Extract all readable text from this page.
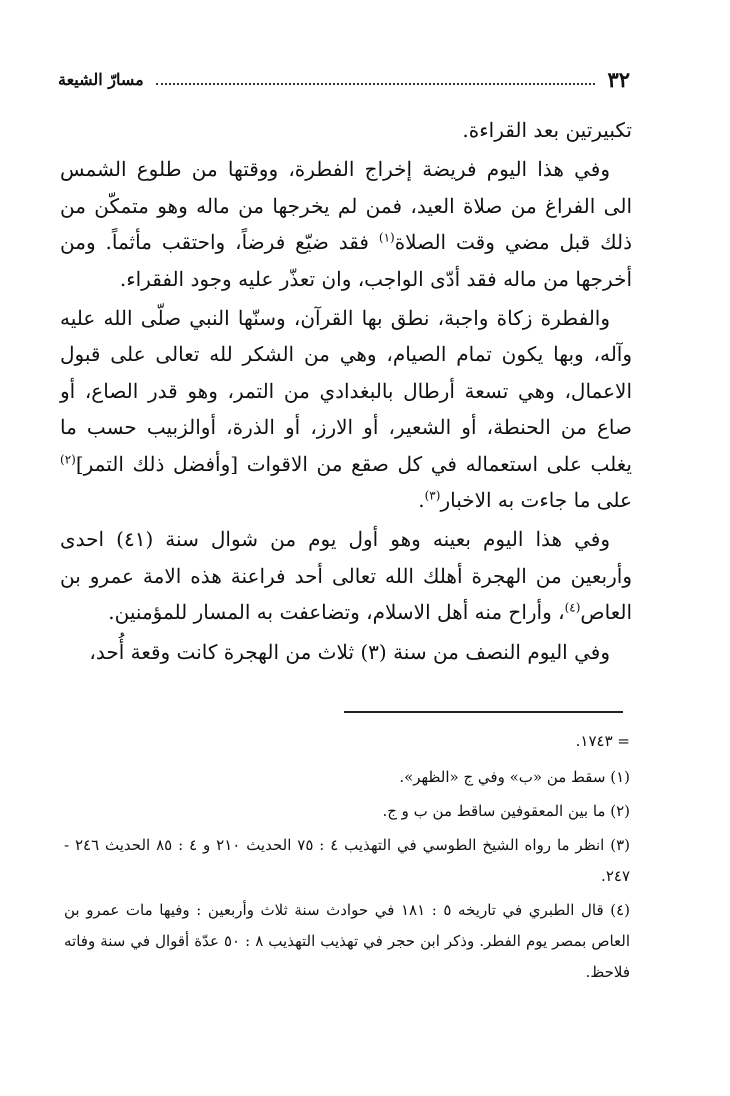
٣٢
مسارّ الشيعة

تكبيرتين بعد القراءة.

وفي هذا اليوم فريضة إخراج الفطرة، ووقتها من طلوع الشمس الى الفراغ من صلاة العيد، فمن لم يخرجها من ماله وهو متمكّن من ذلك قبل مضي وقت الصلاة$^{(١)}$ فقد ضيّع فرضاً، واحتقب مأثماً. ومن أخرجها من ماله فقد أدّى الواجب، وان تعذّر عليه وجود الفقراء.

والفطرة زكاة واجبة، نطق بها القرآن، وسنّها النبي صلّى الله عليه وآله، وبها يكون تمام الصيام، وهي من الشكر لله تعالى على قبول الاعمال، وهي تسعة أرطال بالبغدادي من التمر، وهو قدر الصاع، أو صاع من الحنطة، أو الشعير، أو الارز، أو الذرة، أوالزبيب حسب ما يغلب على استعماله في كل صقع من الاقوات [وأفضل ذلك التمر]$^{(٢)}$ على ما جاءت به الاخبار$^{(٣)}$.

وفي هذا اليوم بعينه وهو أول يوم من شوال سنة (٤١) احدى وأربعين من الهجرة أهلك الله تعالى أحد فراعنة هذه الامة عمرو بن العاص$^{(٤)}$، وأراح منه أهل الاسلام، وتضاعفت به المسار للمؤمنين.

وفي اليوم النصف من سنة (٣) ثلاث من الهجرة كانت وقعة أُحد،

= ١٧٤٣.
(١) سقط من «ب» وفي ج «الظهر».
(٢) ما بين المعقوفين ساقط من ب و ج.
(٣) انظر ما رواه الشيخ الطوسي في التهذيب ٤ : ٧٥ الحديث ٢١٠ و ٤ : ٨٥ الحديث ٢٤٦ - ٢٤٧.
(٤) قال الطبري في تاريخه ٥ : ١٨١ في حوادث سنة ثلاث وأربعين : وفيها مات عمرو بن العاص بمصر يوم الفطر. وذكر ابن حجر في تهذيب التهذيب ٨ : ٥٠ عدّة أقوال في سنة وفاته فلاحظ.
